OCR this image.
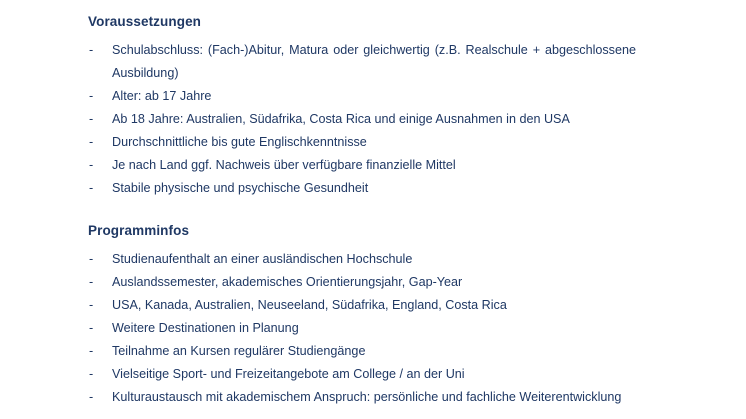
Voraussetzungen
- Schulabschluss: (Fach-)Abitur, Matura oder gleichwertig (z.B. Realschule + abgeschlossene Ausbildung)
- Alter: ab 17 Jahre
- Ab 18 Jahre: Australien, Südafrika, Costa Rica und einige Ausnahmen in den USA
- Durchschnittliche bis gute Englischkenntnisse
- Je nach Land ggf. Nachweis über verfügbare finanzielle Mittel
- Stabile physische und psychische Gesundheit
Programminfos
- Studienaufenthalt an einer ausländischen Hochschule
- Auslandssemester, akademisches Orientierungsjahr, Gap-Year
- USA, Kanada, Australien, Neuseeland, Südafrika, England, Costa Rica
- Weitere Destinationen in Planung
- Teilnahme an Kursen regulärer Studiengänge
- Vielseitige Sport- und Freizeitangebote am College / an der Uni
- Kulturaustausch mit akademischem Anspruch: persönliche und fachliche Weiterentwicklung
